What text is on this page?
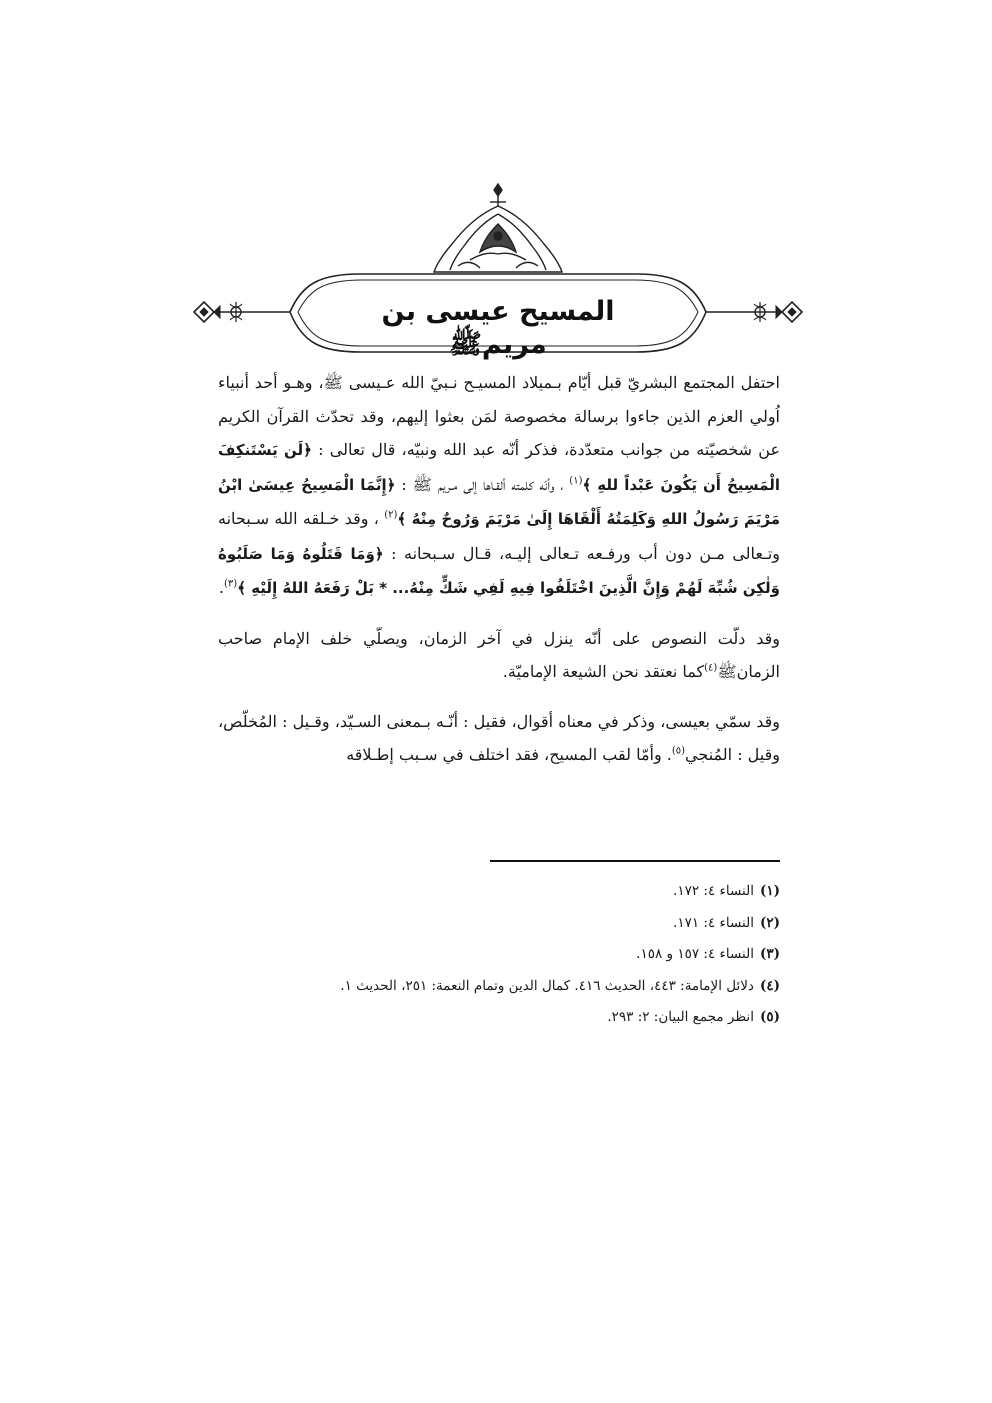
المسيح عيسى بن مريمﷺ

احتفل المجتمع البشريّ قبل أيّام بـميلاد المسيـح نـبيّ الله عـيسى ﷺ، وهـو أحد أنبياء اُولي العزم الذين جاءوا برسالة مخصوصة لمَن بعثوا إليهم، وقد تحدّث القرآن الكريم عن شخصيّته من جوانب متعدّدة، فذكر أنّه عبد الله ونبيّه، قال تعالى : ﴿لَن يَسْتَنكِفَ الْمَسِيحُ أَن يَكُونَ عَبْداً للهِ ﴾$^{(١)}$ ، وأنّه كلمته ألقـاها إلى مـريم ﷺ : ﴿إِنَّمَا الْمَسِيحُ عِيسَىٰ ابْنُ مَرْيَمَ رَسُولُ اللهِ وَكَلِمَتُهُ أَلْقَاهَا إِلَىٰ مَرْيَمَ وَرُوحٌ مِنْهُ ﴾$^{(٢)}$ ، وقد خـلقه الله سـبحانه وتـعالى مـن دون أب ورفـعه تـعالى إليـه، قـال سـبحانه : ﴿وَمَا قَتَلُوهُ وَمَا صَلَبُوهُ وَلٰكِن شُبِّهَ لَهُمْ وَإِنَّ الَّذِينَ اخْتَلَفُوا فِيهِ لَفِي شَكٍّ مِنْهُ... * بَلْ رَفَعَهُ اللهُ إِلَيْهِ ﴾$^{(٣)}$.

وقد دلّت النصوص على أنّه ينزل في آخر الزمان، ويصلّي خلف الإمام صاحب الزمانﷺ$^{(٤)}$كما نعتقد نحن الشيعة الإماميّة.

وقد سمّي بعيسى، وذكر في معناه أقوال، فقيل : أنّـه بـمعنى السـيّد، وقـيل : المُخلّص، وقيل : المُنجي$^{(٥)}$. وأمّا لقب المسيح، فقد اختلف في سـبب إطـلاقه

(١)النساء ٤: ١٧٢.
(٢)النساء ٤: ١٧١.
(٣)النساء ٤: ١٥٧ و ١٥٨.
(٤)دلائل الإمامة: ٤٤٣، الحديث ٤١٦. كمال الدين وتمام النعمة: ٢٥١، الحديث ١.
(٥)انظر مجمع البيان: ٢: ٢٩٣.
